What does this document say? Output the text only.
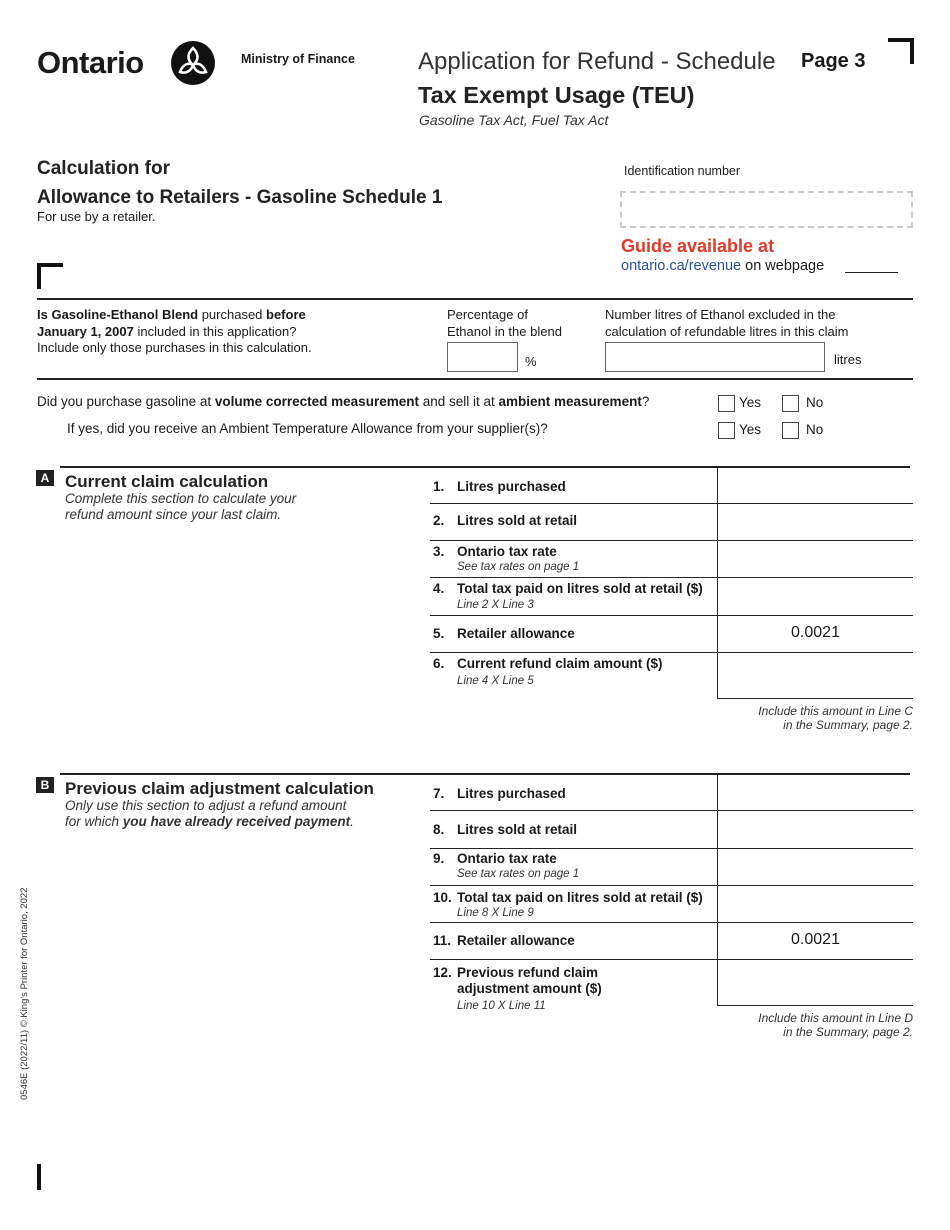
Ontario	Ministry of Finance	Application for Refund - Schedule Page 3
Tax Exempt Usage (TEU)
Gasoline Tax Act, Fuel Tax Act
Calculation for
Allowance to Retailers - Gasoline Schedule 1
For use by a retailer.
Identification number
Guide available at
ontario.ca/revenue on webpage
Is Gasoline-Ethanol Blend purchased before
January 1, 2007 included in this application?
Include only those purchases in this calculation.
Percentage of
Ethanol in the blend
%
Number litres of Ethanol excluded in the
calculation of refundable litres in this claim
litres
Did you purchase gasoline at volume corrected measurement and sell it at ambient measurement?	Yes	No
If yes, did you receive an Ambient Temperature Allowance from your supplier(s)?	Yes	No
A Current claim calculation
Complete this section to calculate your
refund amount since your last claim.
1. Litres purchased
2. Litres sold at retail
3. Ontario tax rate
See tax rates on page 1
4. Total tax paid on litres sold at retail ($)
Line 2 X Line 3
5. Retailer allowance	0.0021
6. Current refund claim amount ($)
Line 4 X Line 5
Include this amount in Line C
in the Summary, page 2.
B Previous claim adjustment calculation
Only use this section to adjust a refund amount
for which you have already received payment.
7. Litres purchased
8. Litres sold at retail
9. Ontario tax rate
See tax rates on page 1
10. Total tax paid on litres sold at retail ($)
Line 8 X Line 9
11. Retailer allowance	0.0021
12. Previous refund claim
adjustment amount ($)
Line 10 X Line 11
Include this amount in Line D
in the Summary, page 2.
0546E (2022/11) © King's Printer for Ontario, 2022
